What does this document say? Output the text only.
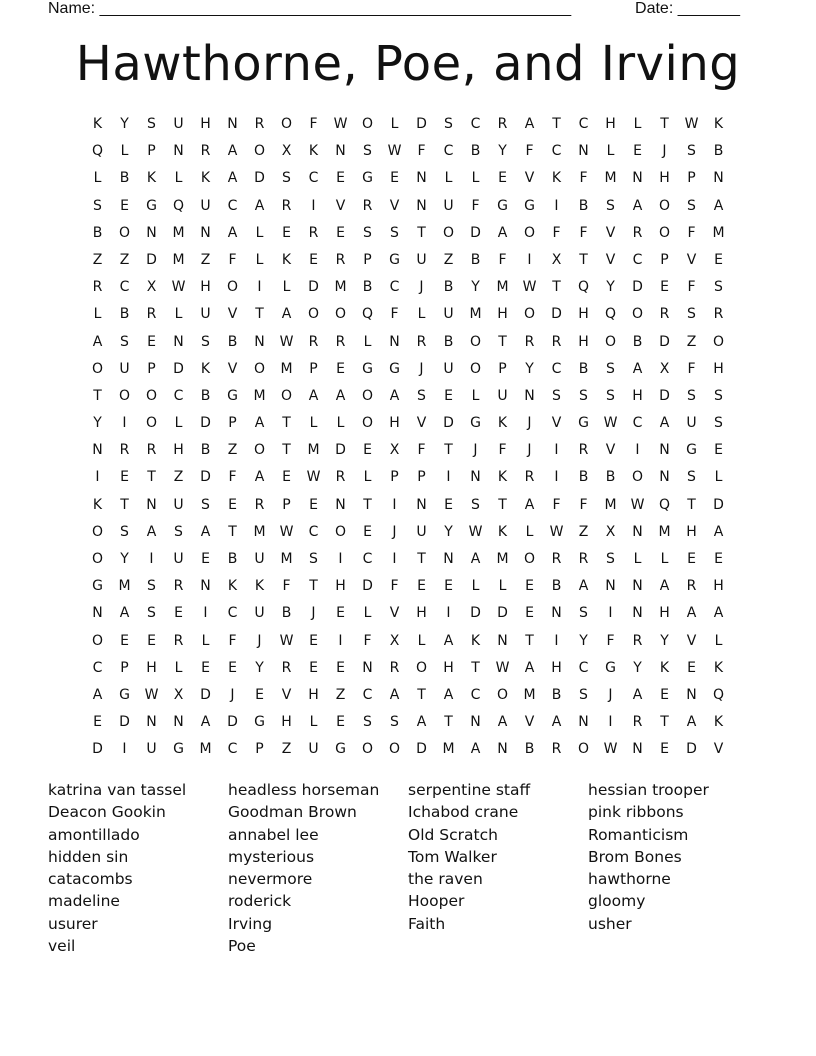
Name: _____________________________________________________	Date: _______
Hawthorne, Poe, and Irving
K	Y	S	U	H	N	R	O	F	W	O	L	D	S	C	R	A	T	C	H	L	T	W	K
Q	L	P	N	R	A	O	X	K	N	S	W	F	C	B	Y	F	C	N	L	E	J	S	B
L	B	K	L	K	A	D	S	C	E	G	E	N	L	L	E	V	K	F	M	N	H	P	N
S	E	G	Q	U	C	A	R	I	V	R	V	N	U	F	G	G	I	B	S	A	O	S	A
B	O	N	M	N	A	L	E	R	E	S	S	T	O	D	A	O	F	F	V	R	O	F	M
Z	Z	D	M	Z	F	L	K	E	R	P	G	U	Z	B	F	I	X	T	V	C	P	V	E
R	C	X	W	H	O	I	L	D	M	B	C	J	B	Y	M	W	T	Q	Y	D	E	F	S
L	B	R	L	U	V	T	A	O	O	Q	F	L	U	M	H	O	D	H	Q	O	R	S	R
A	S	E	N	S	B	N	W	R	R	L	N	R	B	O	T	R	R	H	O	B	D	Z	O
O	U	P	D	K	V	O	M	P	E	G	G	J	U	O	P	Y	C	B	S	A	X	F	H
T	O	O	C	B	G	M	O	A	A	O	A	S	E	L	U	N	S	S	S	H	D	S	S
Y	I	O	L	D	P	A	T	L	L	O	H	V	D	G	K	J	V	G	W	C	A	U	S
N	R	R	H	B	Z	O	T	M	D	E	X	F	T	J	F	J	I	R	V	I	N	G	E
I	E	T	Z	D	F	A	E	W	R	L	P	P	I	N	K	R	I	B	B	O	N	S	L
K	T	N	U	S	E	R	P	E	N	T	I	N	E	S	T	A	F	F	M	W	Q	T	D
O	S	A	S	A	T	M	W	C	O	E	J	U	Y	W	K	L	W	Z	X	N	M	H	A
O	Y	I	U	E	B	U	M	S	I	C	I	T	N	A	M	O	R	R	S	L	L	E	E
G	M	S	R	N	K	K	F	T	H	D	F	E	E	L	L	E	B	A	N	N	A	R	H
N	A	S	E	I	C	U	B	J	E	L	V	H	I	D	D	E	N	S	I	N	H	A	A
O	E	E	R	L	F	J	W	E	I	F	X	L	A	K	N	T	I	Y	F	R	Y	V	L
C	P	H	L	E	E	Y	R	E	E	N	R	O	H	T	W	A	H	C	G	Y	K	E	K
A	G	W	X	D	J	E	V	H	Z	C	A	T	A	C	O	M	B	S	J	A	E	N	Q
E	D	N	N	A	D	G	H	L	E	S	S	A	T	N	A	V	A	N	I	R	T	A	K
D	I	U	G	M	C	P	Z	U	G	O	O	D	M	A	N	B	R	O	W	N	E	D	V
katrina van tassel	headless horseman	serpentine staff	hessian trooper
Deacon Gookin	Goodman Brown	Ichabod crane	pink ribbons
amontillado	annabel lee	Old Scratch	Romanticism
hidden sin	mysterious	Tom Walker	Brom Bones
catacombs	nevermore	the raven	hawthorne
madeline	roderick	Hooper	gloomy
usurer	Irving	Faith	usher
veil	Poe
